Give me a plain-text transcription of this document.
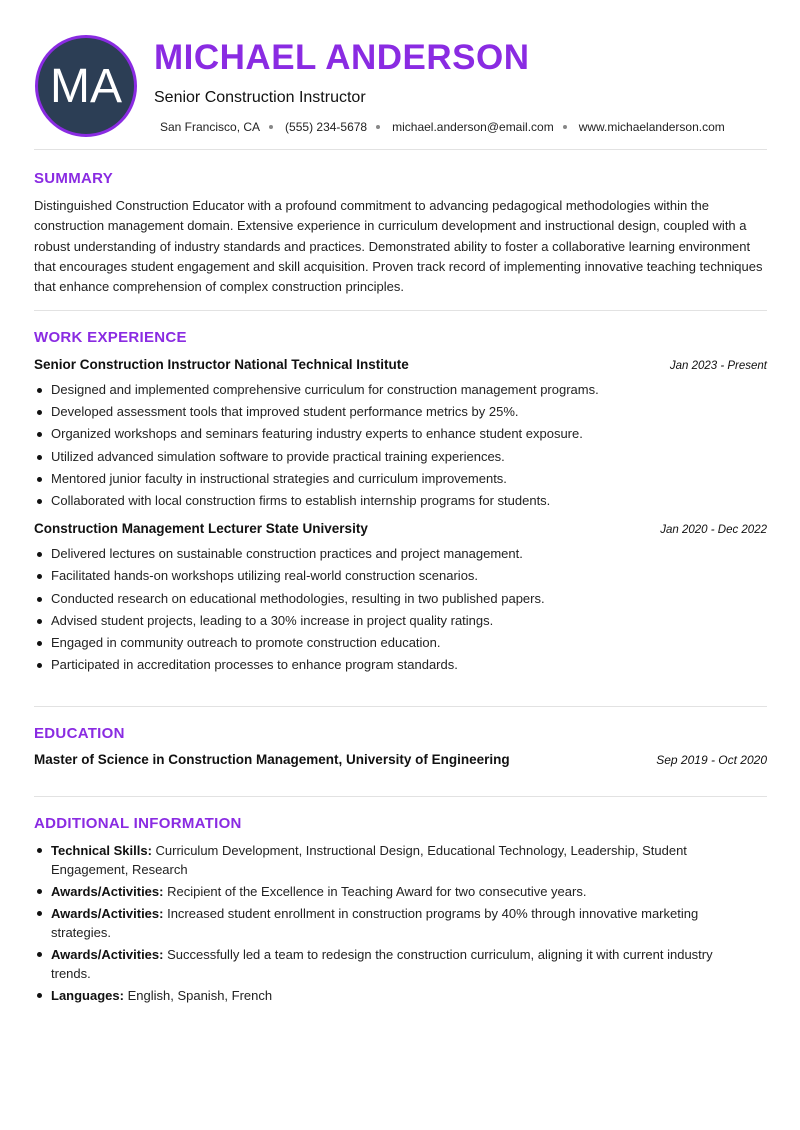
MA
MICHAEL ANDERSON
Senior Construction Instructor
San Francisco, CA (555) 234-5678 michael.anderson@email.com www.michaelanderson.com
SUMMARY

Distinguished Construction Educator with a profound commitment to advancing pedagogical methodologies within the construction management domain. Extensive experience in curriculum development and instructional design, coupled with a robust understanding of industry standards and practices. Demonstrated ability to foster a collaborative learning environment that encourages student engagement and skill acquisition. Proven track record of implementing innovative teaching techniques that enhance comprehension of complex construction principles.

WORK EXPERIENCE
Senior Construction Instructor National Technical Institute	Jan 2023 - Present
Designed and implemented comprehensive curriculum for construction management programs.
Developed assessment tools that improved student performance metrics by 25%.
Organized workshops and seminars featuring industry experts to enhance student exposure.
Utilized advanced simulation software to provide practical training experiences.
Mentored junior faculty in instructional strategies and curriculum improvements.
Collaborated with local construction firms to establish internship programs for students.
Construction Management Lecturer State University	Jan 2020 - Dec 2022
Delivered lectures on sustainable construction practices and project management.
Facilitated hands-on workshops utilizing real-world construction scenarios.
Conducted research on educational methodologies, resulting in two published papers.
Advised student projects, leading to a 30% increase in project quality ratings.
Engaged in community outreach to promote construction education.
Participated in accreditation processes to enhance program standards.
EDUCATION
Master of Science in Construction Management, University of Engineering	Sep 2019 - Oct 2020
ADDITIONAL INFORMATION
Technical Skills: Curriculum Development, Instructional Design, Educational Technology, Leadership, Student Engagement, Research
Awards/Activities: Recipient of the Excellence in Teaching Award for two consecutive years.
Awards/Activities: Increased student enrollment in construction programs by 40% through innovative marketing strategies.
Awards/Activities: Successfully led a team to redesign the construction curriculum, aligning it with current industry trends.
Languages: English, Spanish, French
